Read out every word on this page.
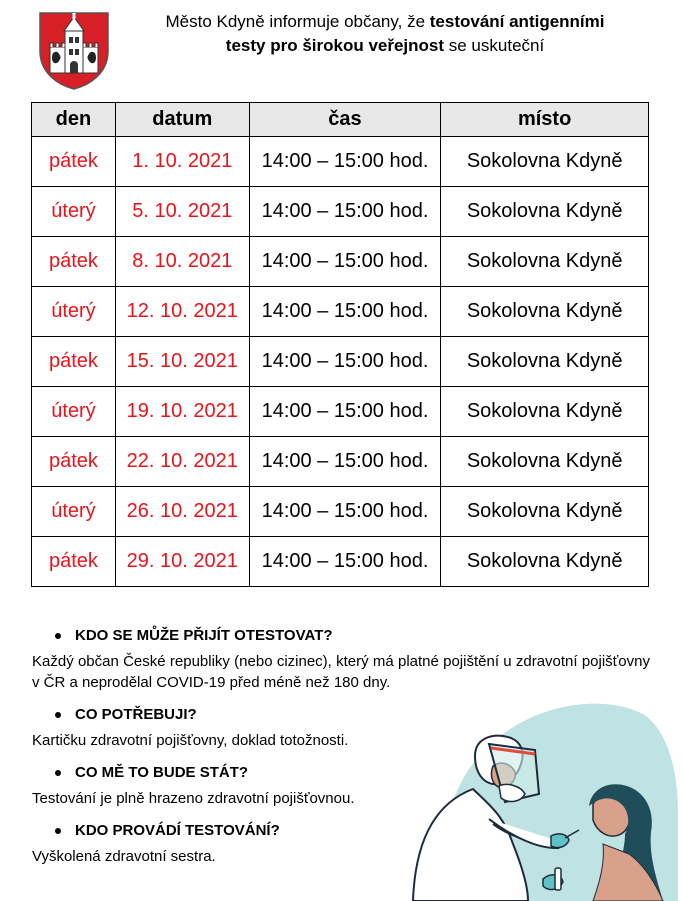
Město Kdyně informuje občany, že testování antigenními
testy pro širokou veřejnost se uskuteční
den	datum	čas	místo
pátek	1. 10. 2021	14:00 – 15:00 hod.	Sokolovna Kdyně
úterý	5. 10. 2021	14:00 – 15:00 hod.	Sokolovna Kdyně
pátek	8. 10. 2021	14:00 – 15:00 hod.	Sokolovna Kdyně
úterý	12. 10. 2021	14:00 – 15:00 hod.	Sokolovna Kdyně
pátek	15. 10. 2021	14:00 – 15:00 hod.	Sokolovna Kdyně
úterý	19. 10. 2021	14:00 – 15:00 hod.	Sokolovna Kdyně
pátek	22. 10. 2021	14:00 – 15:00 hod.	Sokolovna Kdyně
úterý	26. 10. 2021	14:00 – 15:00 hod.	Sokolovna Kdyně
pátek	29. 10. 2021	14:00 – 15:00 hod.	Sokolovna Kdyně
KDO SE MŮŽE PŘIJÍT OTESTOVAT?
Každý občan České republiky (nebo cizinec), který má platné pojištění u zdravotní pojišťovny v ČR a neprodělal COVID-19 před méně než 180 dny.
CO POTŘEBUJI?
Kartičku zdravotní pojišťovny, doklad totožnosti.
CO MĚ TO BUDE STÁT?
Testování je plně hrazeno zdravotní pojišťovnou.
KDO PROVÁDÍ TESTOVÁNÍ?
Vyškolená zdravotní sestra.
